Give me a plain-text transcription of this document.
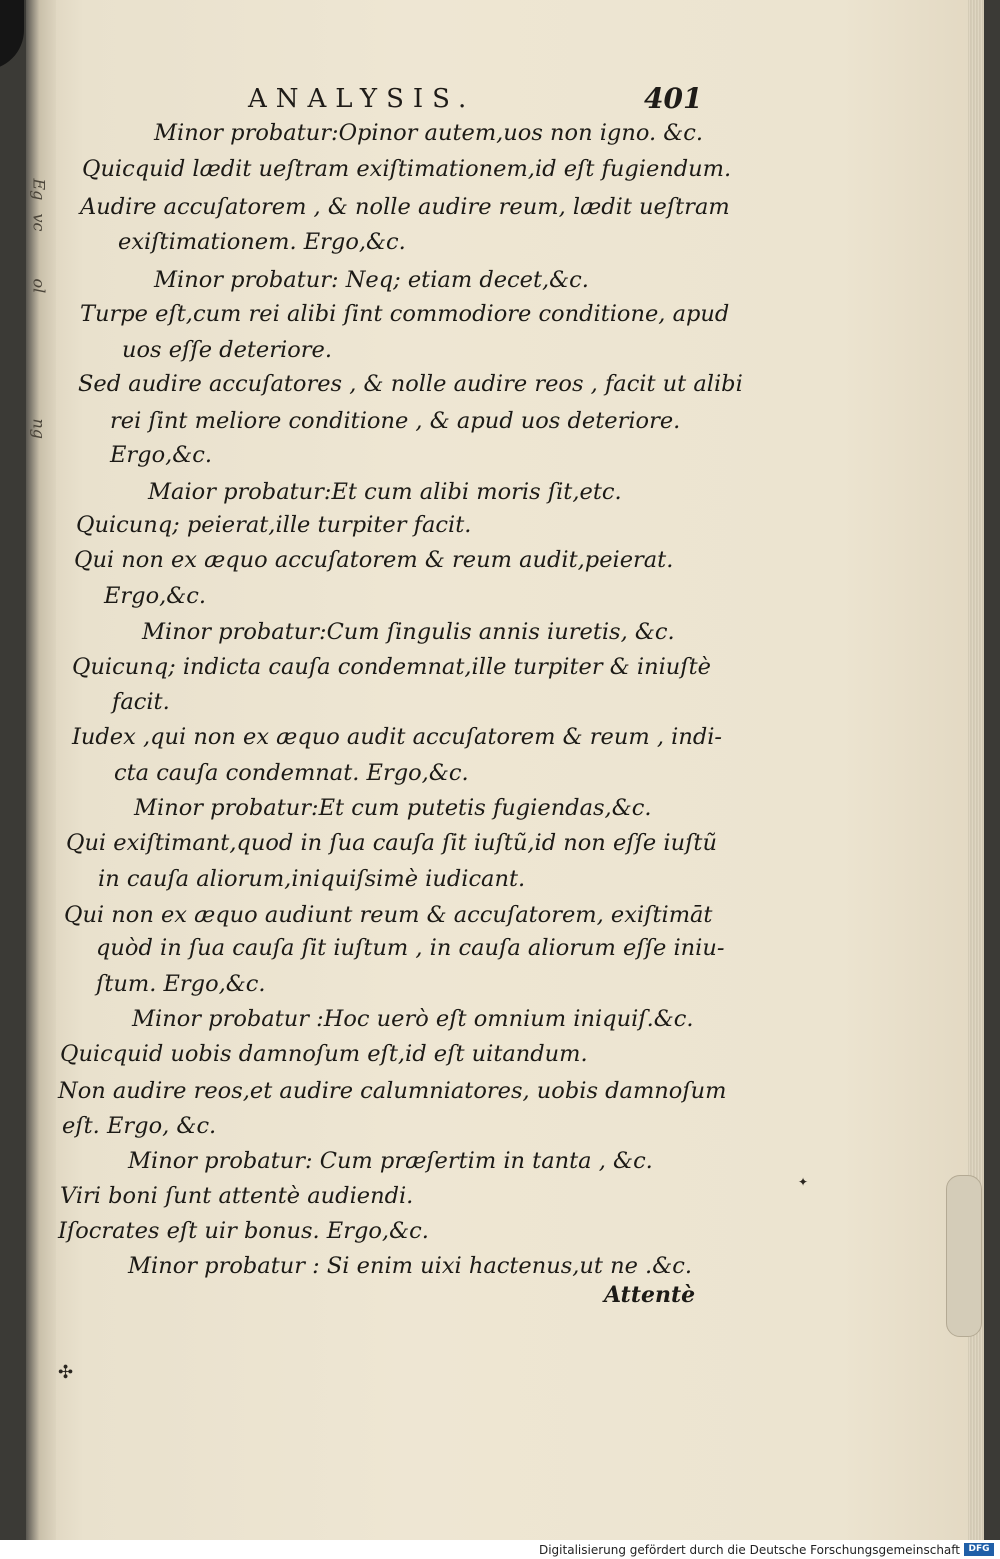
Eg
vc
ol
ng
ANALYSIS.	401
Minor probatur:Opinor autem,uos non igno. &c.
Quicquid lædit ueſtram exiſtimationem,id eſt fugiendum.
Audire accuſatorem , & nolle audire reum, lædit ueſtram
exiſtimationem. Ergo,&c.
Minor probatur: Neq; etiam decet,&c.
Turpe eſt,cum rei alibi ſint commodiore conditione, apud
uos eſſe deteriore.
Sed audire accuſatores , & nolle audire reos , facit ut alibi
rei ſint meliore conditione , & apud uos deteriore.
Ergo,&c.
Maior probatur:Et cum alibi moris ſit,etc.
Quicunq; peierat,ille turpiter facit.
Qui non ex æquo accuſatorem & reum audit,peierat.
Ergo,&c.
Minor probatur:Cum ſingulis annis iuretis, &c.
Quicunq; indicta cauſa condemnat,ille turpiter & iniuſtè
facit.
Iudex ,qui non ex æquo audit accuſatorem & reum , indi-
cta cauſa condemnat. Ergo,&c.
Minor probatur:Et cum putetis fugiendas,&c.
Qui exiſtimant,quod in ſua cauſa ſit iuſtũ,id non eſſe iuſtũ
in cauſa aliorum,iniquiſsimè iudicant.
Qui non ex æquo audiunt reum & accuſatorem, exiſtimāt
quòd in ſua cauſa ſit iuſtum , in cauſa aliorum eſſe iniu-
ſtum. Ergo,&c.
Minor probatur :Hoc uerò eſt omnium iniquiſ.&c.
Quicquid uobis damnoſum eſt,id eſt uitandum.
Non audire reos,et audire calumniatores, uobis damnoſum
eſt. Ergo, &c.
Minor probatur: Cum præſertim in tanta , &c.
Viri boni ſunt attentè audiendi.
Iſocrates eſt uir bonus. Ergo,&c.
Minor probatur : Si enim uixi hactenus,ut ne .&c.
Attentè
✣
✦
Digitalisierung gefördert durch die Deutsche Forschungsgemeinschaft DFG
